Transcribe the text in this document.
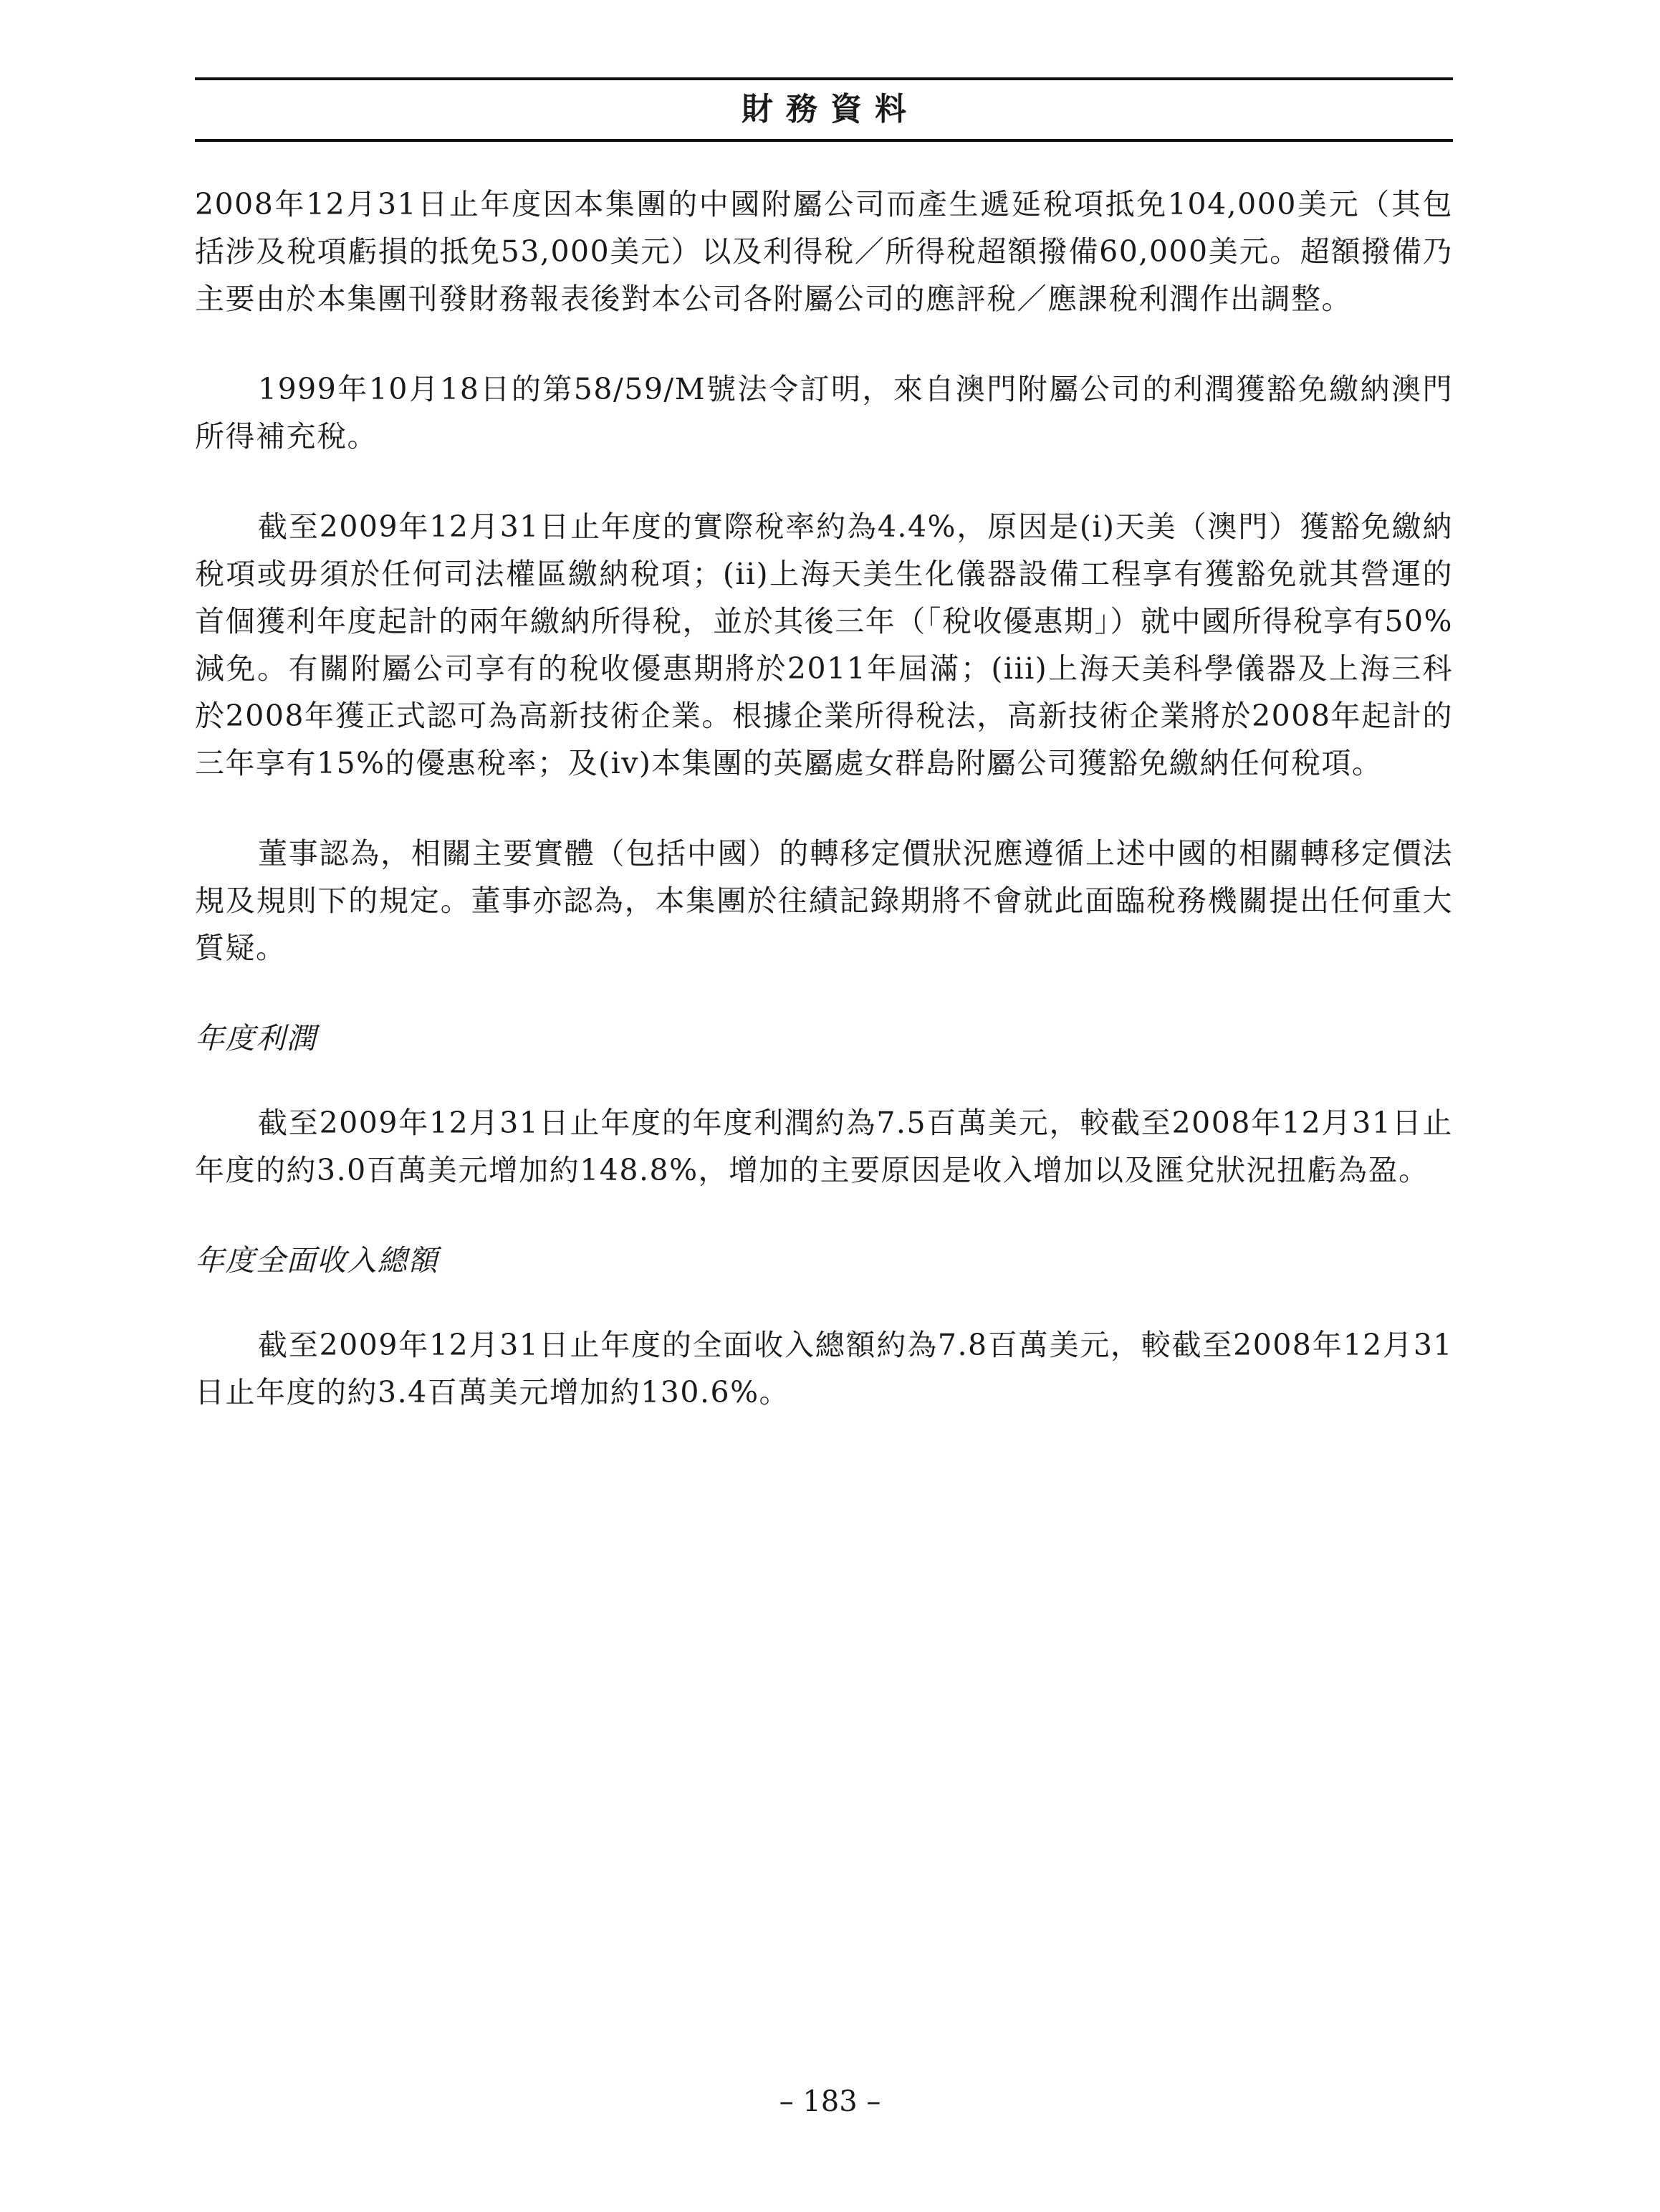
財務資料

2008年12月31日止年度因本集團的中國附屬公司而產生遞延稅項抵免104,000美元（其包括涉及稅項虧損的抵免53,000美元）以及利得稅／所得稅超額撥備60,000美元。超額撥備乃主要由於本集團刊發財務報表後對本公司各附屬公司的應評稅／應課稅利潤作出調整。

1999年10月18日的第58/59/M號法令訂明，來自澳門附屬公司的利潤獲豁免繳納澳門所得補充稅。

截至2009年12月31日止年度的實際稅率約為4.4%，原因是(i)天美（澳門）獲豁免繳納稅項或毋須於任何司法權區繳納稅項；(ii)上海天美生化儀器設備工程享有獲豁免就其營運的首個獲利年度起計的兩年繳納所得稅，並於其後三年（「稅收優惠期」）就中國所得稅享有50%減免。有關附屬公司享有的稅收優惠期將於2011年屆滿；(iii)上海天美科學儀器及上海三科於2008年獲正式認可為高新技術企業。根據企業所得稅法，高新技術企業將於2008年起計的三年享有15%的優惠稅率；及(iv)本集團的英屬處女群島附屬公司獲豁免繳納任何稅項。

董事認為，相關主要實體（包括中國）的轉移定價狀況應遵循上述中國的相關轉移定價法規及規則下的規定。董事亦認為，本集團於往績記錄期將不會就此面臨稅務機關提出任何重大質疑。

年度利潤

截至2009年12月31日止年度的年度利潤約為7.5百萬美元，較截至2008年12月31日止年度的約3.0百萬美元增加約148.8%，增加的主要原因是收入增加以及匯兌狀況扭虧為盈。

年度全面收入總額

截至2009年12月31日止年度的全面收入總額約為7.8百萬美元，較截至2008年12月31日止年度的約3.4百萬美元增加約130.6%。

– 183 –
